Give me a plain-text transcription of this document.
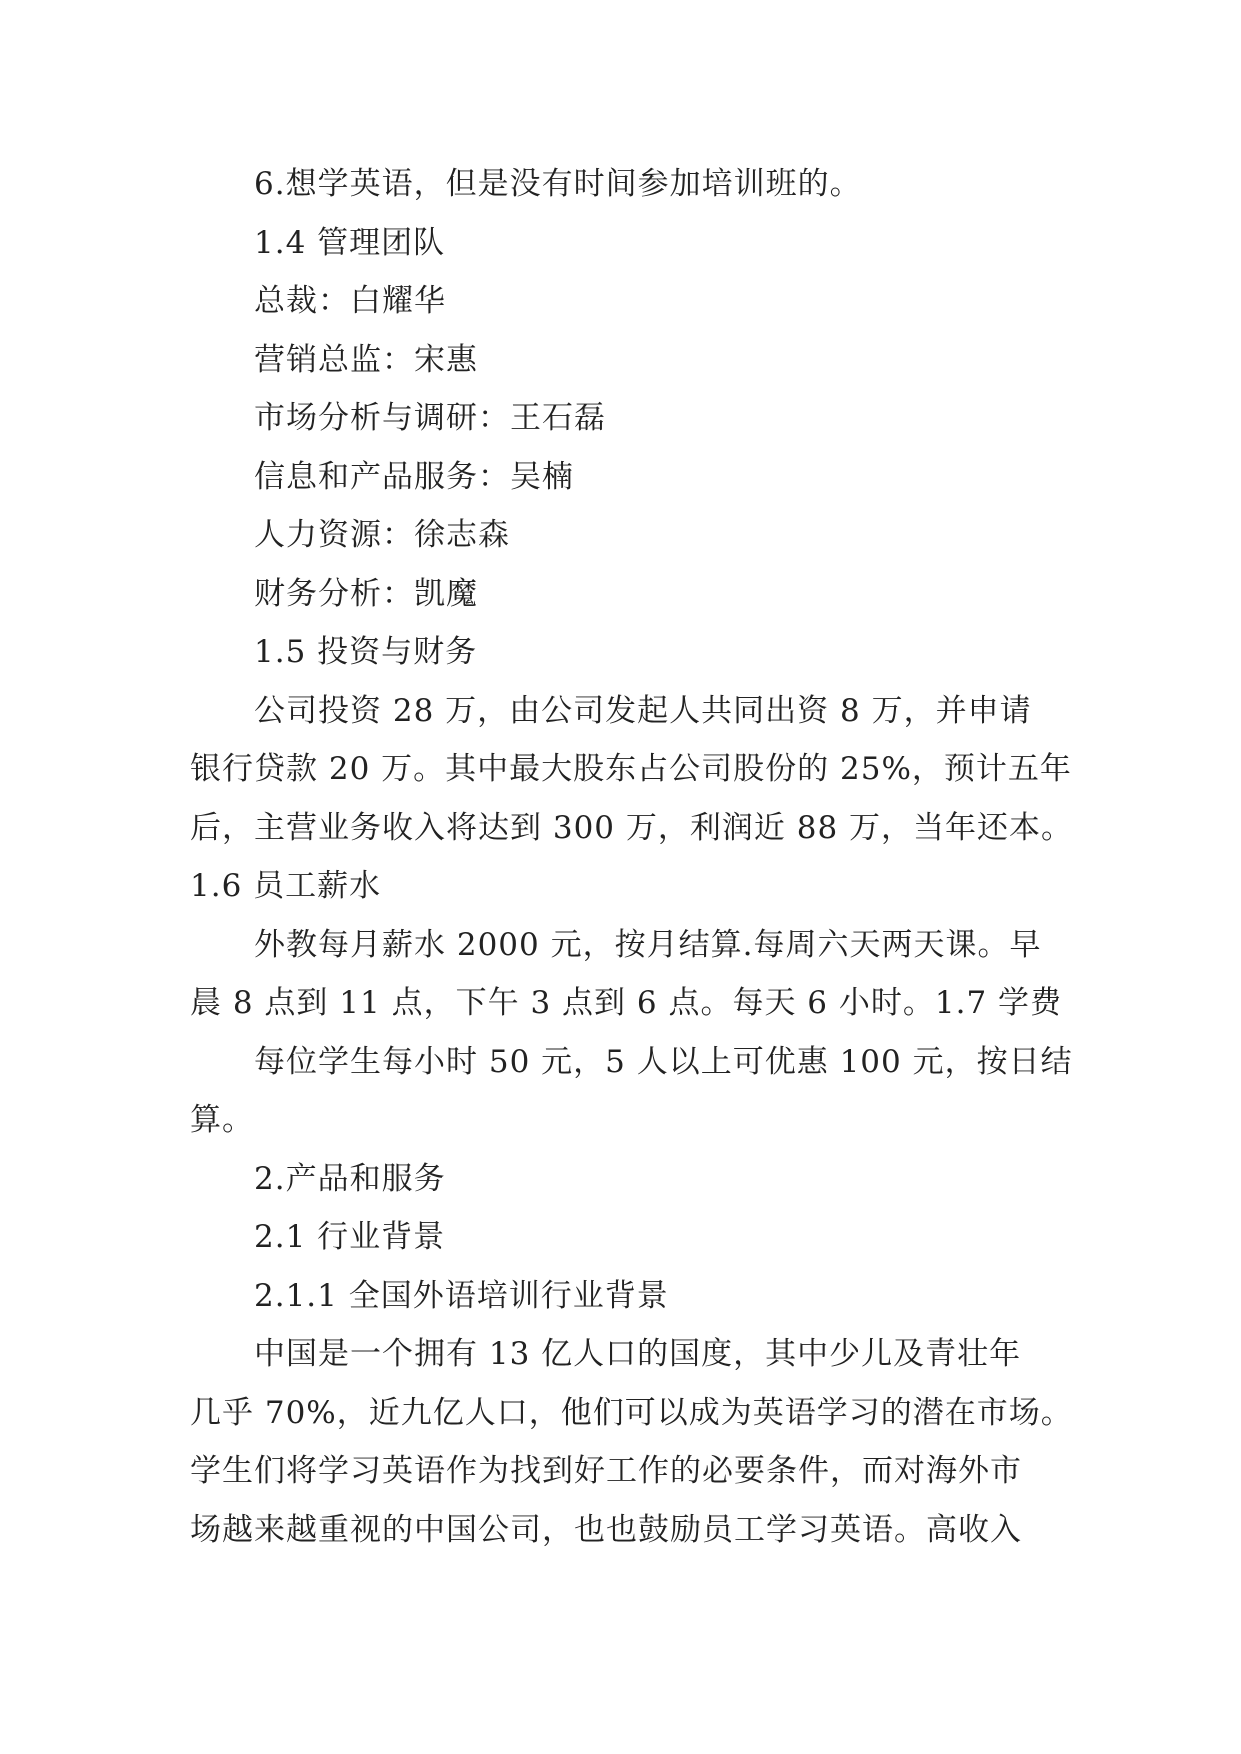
6.想学英语，但是没有时间参加培训班的。
1.4 管理团队
总裁：白耀华
营销总监：宋惠
市场分析与调研：王石磊
信息和产品服务：吴楠
人力资源：徐志森
财务分析：凯魔
1.5 投资与财务
公司投资 28 万，由公司发起人共同出资 8 万，并申请
银行贷款 20 万。其中最大股东占公司股份的 25%，预计五年
后，主营业务收入将达到 300 万，利润近 88 万，当年还本。
1.6 员工薪水
外教每月薪水 2000 元，按月结算.每周六天两天课。早
晨 8 点到 11 点，下午 3 点到 6 点。每天 6 小时。1.7 学费
每位学生每小时 50 元，5 人以上可优惠 100 元，按日结
算。
2.产品和服务
2.1 行业背景
2.1.1 全国外语培训行业背景
中国是一个拥有 13 亿人口的国度，其中少儿及青壮年
几乎 70%，近九亿人口，他们可以成为英语学习的潜在市场。
学生们将学习英语作为找到好工作的必要条件，而对海外市
场越来越重视的中国公司，也也鼓励员工学习英语。高收入
